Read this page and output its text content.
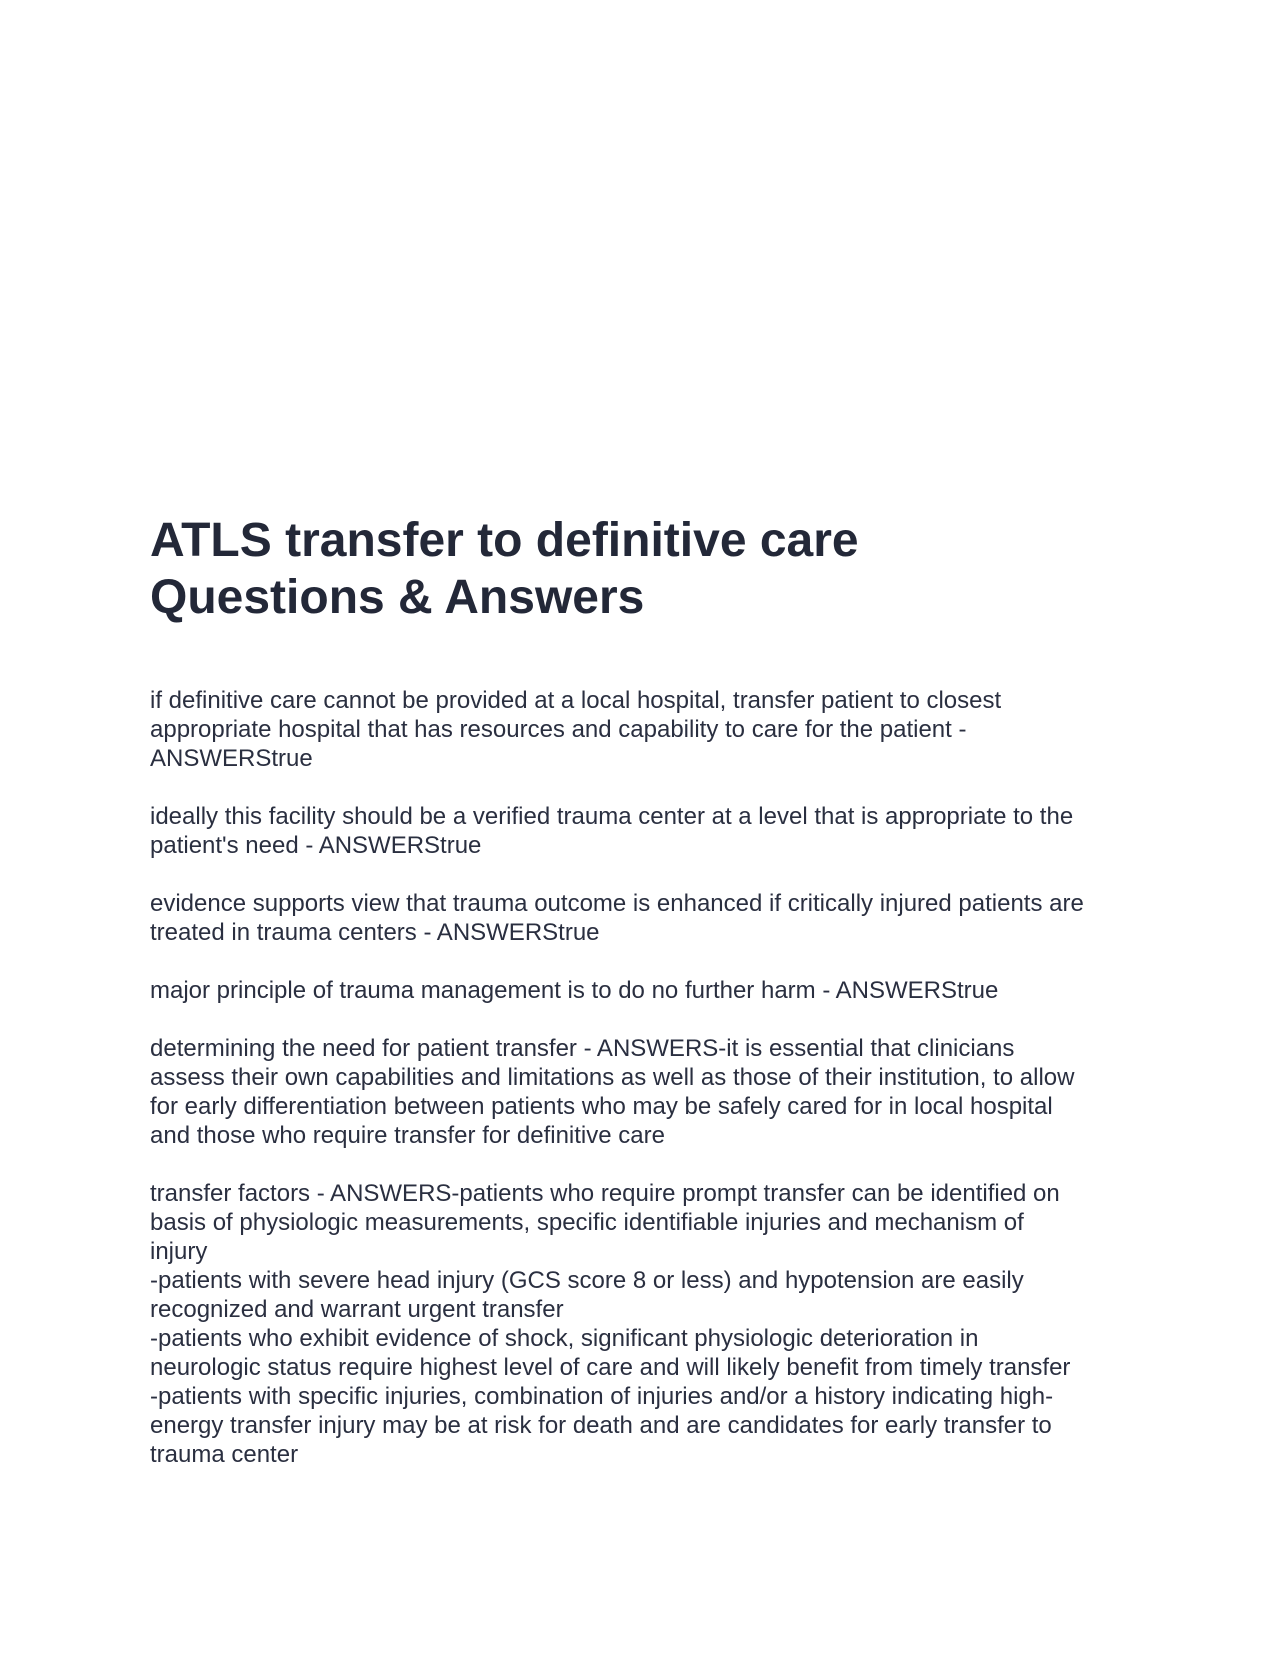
ATLS transfer to definitive care
Questions & Answers

if definitive care cannot be provided at a local hospital, transfer patient to closest
appropriate hospital that has resources and capability to care for the patient -
ANSWERStrue

ideally this facility should be a verified trauma center at a level that is appropriate to the
patient's need - ANSWERStrue

evidence supports view that trauma outcome is enhanced if critically injured patients are
treated in trauma centers - ANSWERStrue

major principle of trauma management is to do no further harm - ANSWERStrue

determining the need for patient transfer - ANSWERS-it is essential that clinicians
assess their own capabilities and limitations as well as those of their institution, to allow
for early differentiation between patients who may be safely cared for in local hospital
and those who require transfer for definitive care

transfer factors - ANSWERS-patients who require prompt transfer can be identified on
basis of physiologic measurements, specific identifiable injuries and mechanism of
injury
-patients with severe head injury (GCS score 8 or less) and hypotension are easily
recognized and warrant urgent transfer
-patients who exhibit evidence of shock, significant physiologic deterioration in
neurologic status require highest level of care and will likely benefit from timely transfer
-patients with specific injuries, combination of injuries and/or a history indicating high-
energy transfer injury may be at risk for death and are candidates for early transfer to
trauma center
